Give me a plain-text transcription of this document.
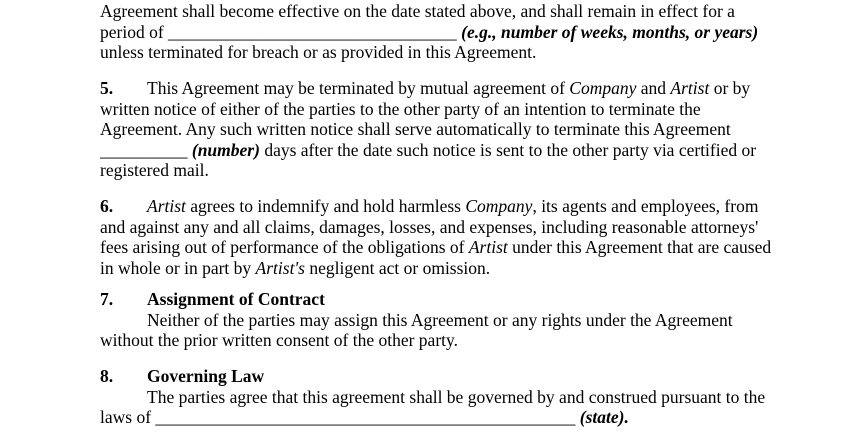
Agreement shall become effective on the date stated above, and shall remain in effect for a
period of _________________________________ (e.g., number of weeks, months, or years)
unless terminated for breach or as provided in this Agreement.
5. This Agreement may be terminated by mutual agreement of Company and Artist or by
written notice of either of the parties to the other party of an intention to terminate the
Agreement. Any such written notice shall serve automatically to terminate this Agreement
__________ (number) days after the date such notice is sent to the other party via certified or
registered mail.
6. Artist agrees to indemnify and hold harmless Company, its agents and employees, from
and against any and all claims, damages, losses, and expenses, including reasonable attorneys'
fees arising out of performance of the obligations of Artist under this Agreement that are caused
in whole or in part by Artist's negligent act or omission.
7. Assignment of Contract
Neither of the parties may assign this Agreement or any rights under the Agreement
without the prior written consent of the other party.
8. Governing Law
The parties agree that this agreement shall be governed by and construed pursuant to the
laws of ________________________________________________ (state).
